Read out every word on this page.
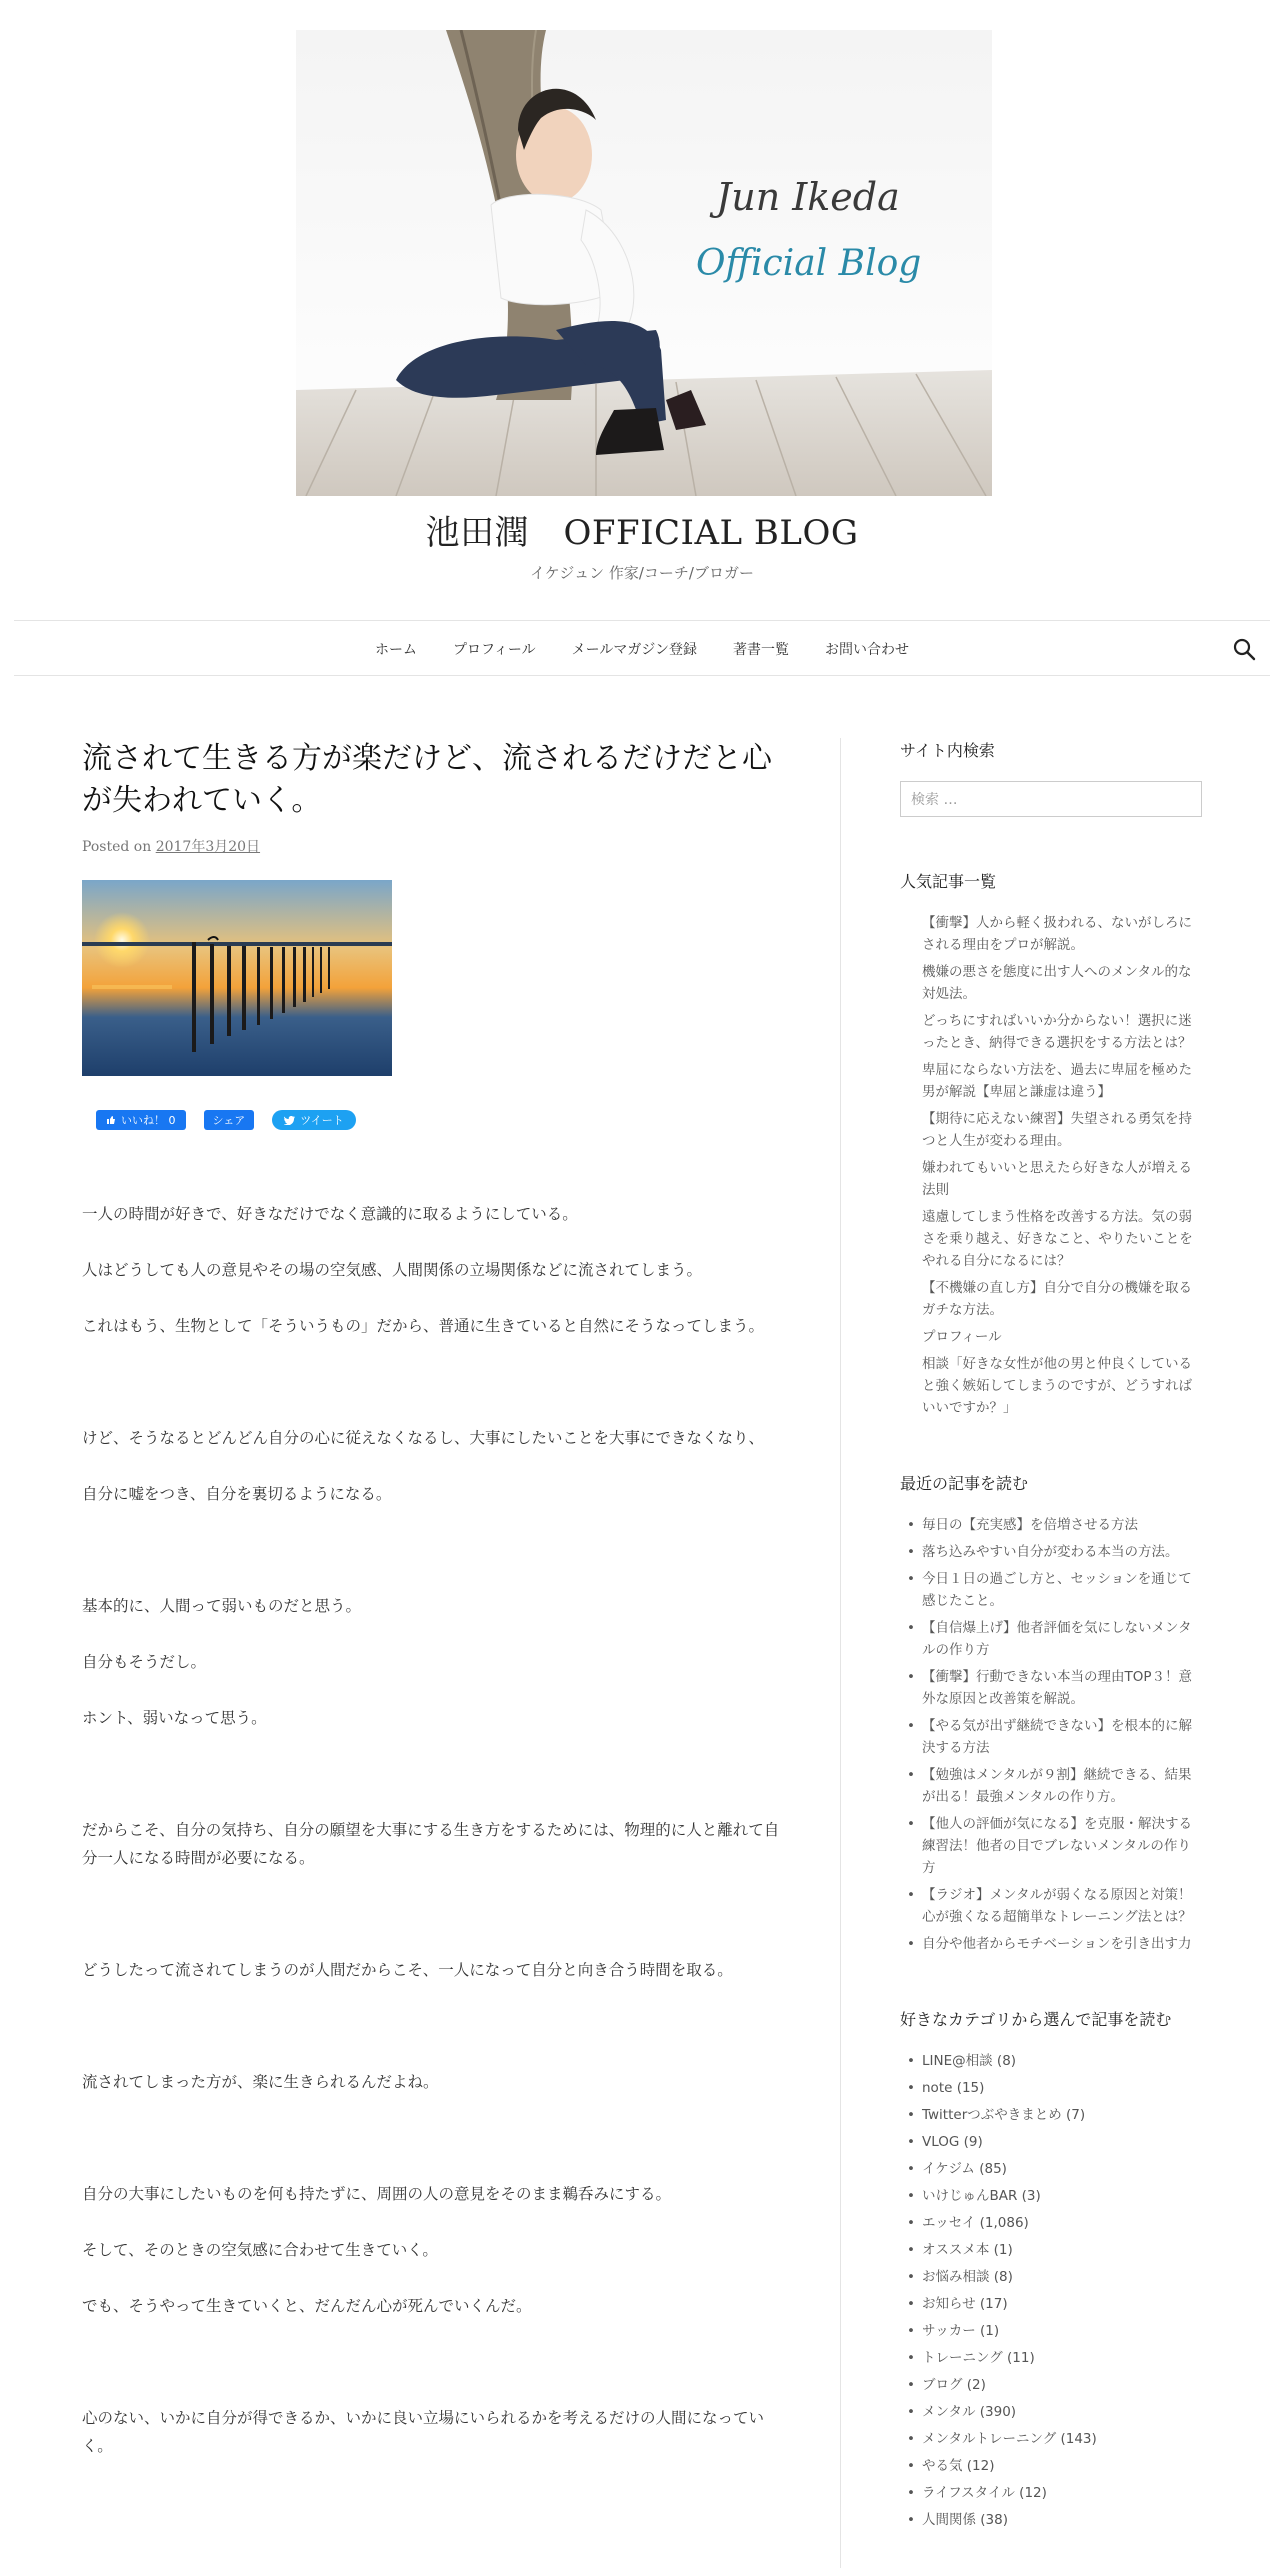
Jun Ikeda
Official Blog
池田潤　OFFICIAL BLOG
イケジュン 作家/コーチ/ブロガー
ホーム	プロフィール	メールマガジン登録	著書一覧	お問い合わせ
流されて生きる方が楽だけど、流されるだけだと心が失われていく。
Posted on 2017年3月20日
いいね！ 0	シェア	ツイート

一人の時間が好きで、好きなだけでなく意識的に取るようにしている。

人はどうしても人の意見やその場の空気感、人間関係の立場関係などに流されてしまう。

これはもう、生物として「そういうもの」だから、普通に生きていると自然にそうなってしまう。

けど、そうなるとどんどん自分の心に従えなくなるし、大事にしたいことを大事にできなくなり、

自分に嘘をつき、自分を裏切るようになる。

基本的に、人間って弱いものだと思う。

自分もそうだし。

ホント、弱いなって思う。

だからこそ、自分の気持ち、自分の願望を大事にする生き方をするためには、物理的に人と離れて自分一人になる時間が必要になる。

どうしたって流されてしまうのが人間だからこそ、一人になって自分と向き合う時間を取る。

流されてしまった方が、楽に生きられるんだよね。

自分の大事にしたいものを何も持たずに、周囲の人の意見をそのまま鵜呑みにする。

そして、そのときの空気感に合わせて生きていく。

でも、そうやって生きていくと、だんだん心が死んでいくんだ。

心のない、いかに自分が得できるか、いかに良い立場にいられるかを考えるだけの人間になっていく。

サイト内検索
検索 …
人気記事一覧
【衝撃】人から軽く扱われる、ないがしろにされる理由をプロが解説。
機嫌の悪さを態度に出す人へのメンタル的な対処法。
どっちにすればいいか分からない！選択に迷ったとき、納得できる選択をする方法とは？
卑屈にならない方法を、過去に卑屈を極めた男が解説【卑屈と謙虚は違う】
【期待に応えない練習】失望される勇気を持つと人生が変わる理由。
嫌われてもいいと思えたら好きな人が増える法則
遠慮してしまう性格を改善する方法。気の弱さを乗り越え、好きなこと、やりたいことをやれる自分になるには？
【不機嫌の直し方】自分で自分の機嫌を取るガチな方法。
プロフィール
相談「好きな女性が他の男と仲良くしていると強く嫉妬してしまうのですが、どうすればいいですか？」
最近の記事を読む
• 毎日の【充実感】を倍増させる方法
• 落ち込みやすい自分が変わる本当の方法。
• 今日１日の過ごし方と、セッションを通じて感じたこと。
• 【自信爆上げ】他者評価を気にしないメンタルの作り方
• 【衝撃】行動できない本当の理由TOP３！意外な原因と改善策を解説。
• 【やる気が出ず継続できない】を根本的に解決する方法
• 【勉強はメンタルが９割】継続できる、結果が出る！最強メンタルの作り方。
• 【他人の評価が気になる】を克服・解決する練習法！他者の目でブレないメンタルの作り方
• 【ラジオ】メンタルが弱くなる原因と対策！心が強くなる超簡単なトレーニング法とは？
• 自分や他者からモチベーションを引き出す力
好きなカテゴリから選んで記事を読む
• LINE@相談 (8)
• note (15)
• Twitterつぶやきまとめ (7)
• VLOG (9)
• イケジム (85)
• いけじゅんBAR (3)
• エッセイ (1,086)
• オススメ本 (1)
• お悩み相談 (8)
• お知らせ (17)
• サッカー (1)
• トレーニング (11)
• ブログ (2)
• メンタル (390)
• メンタルトレーニング (143)
• やる気 (12)
• ライフスタイル (12)
• 人間関係 (38)
